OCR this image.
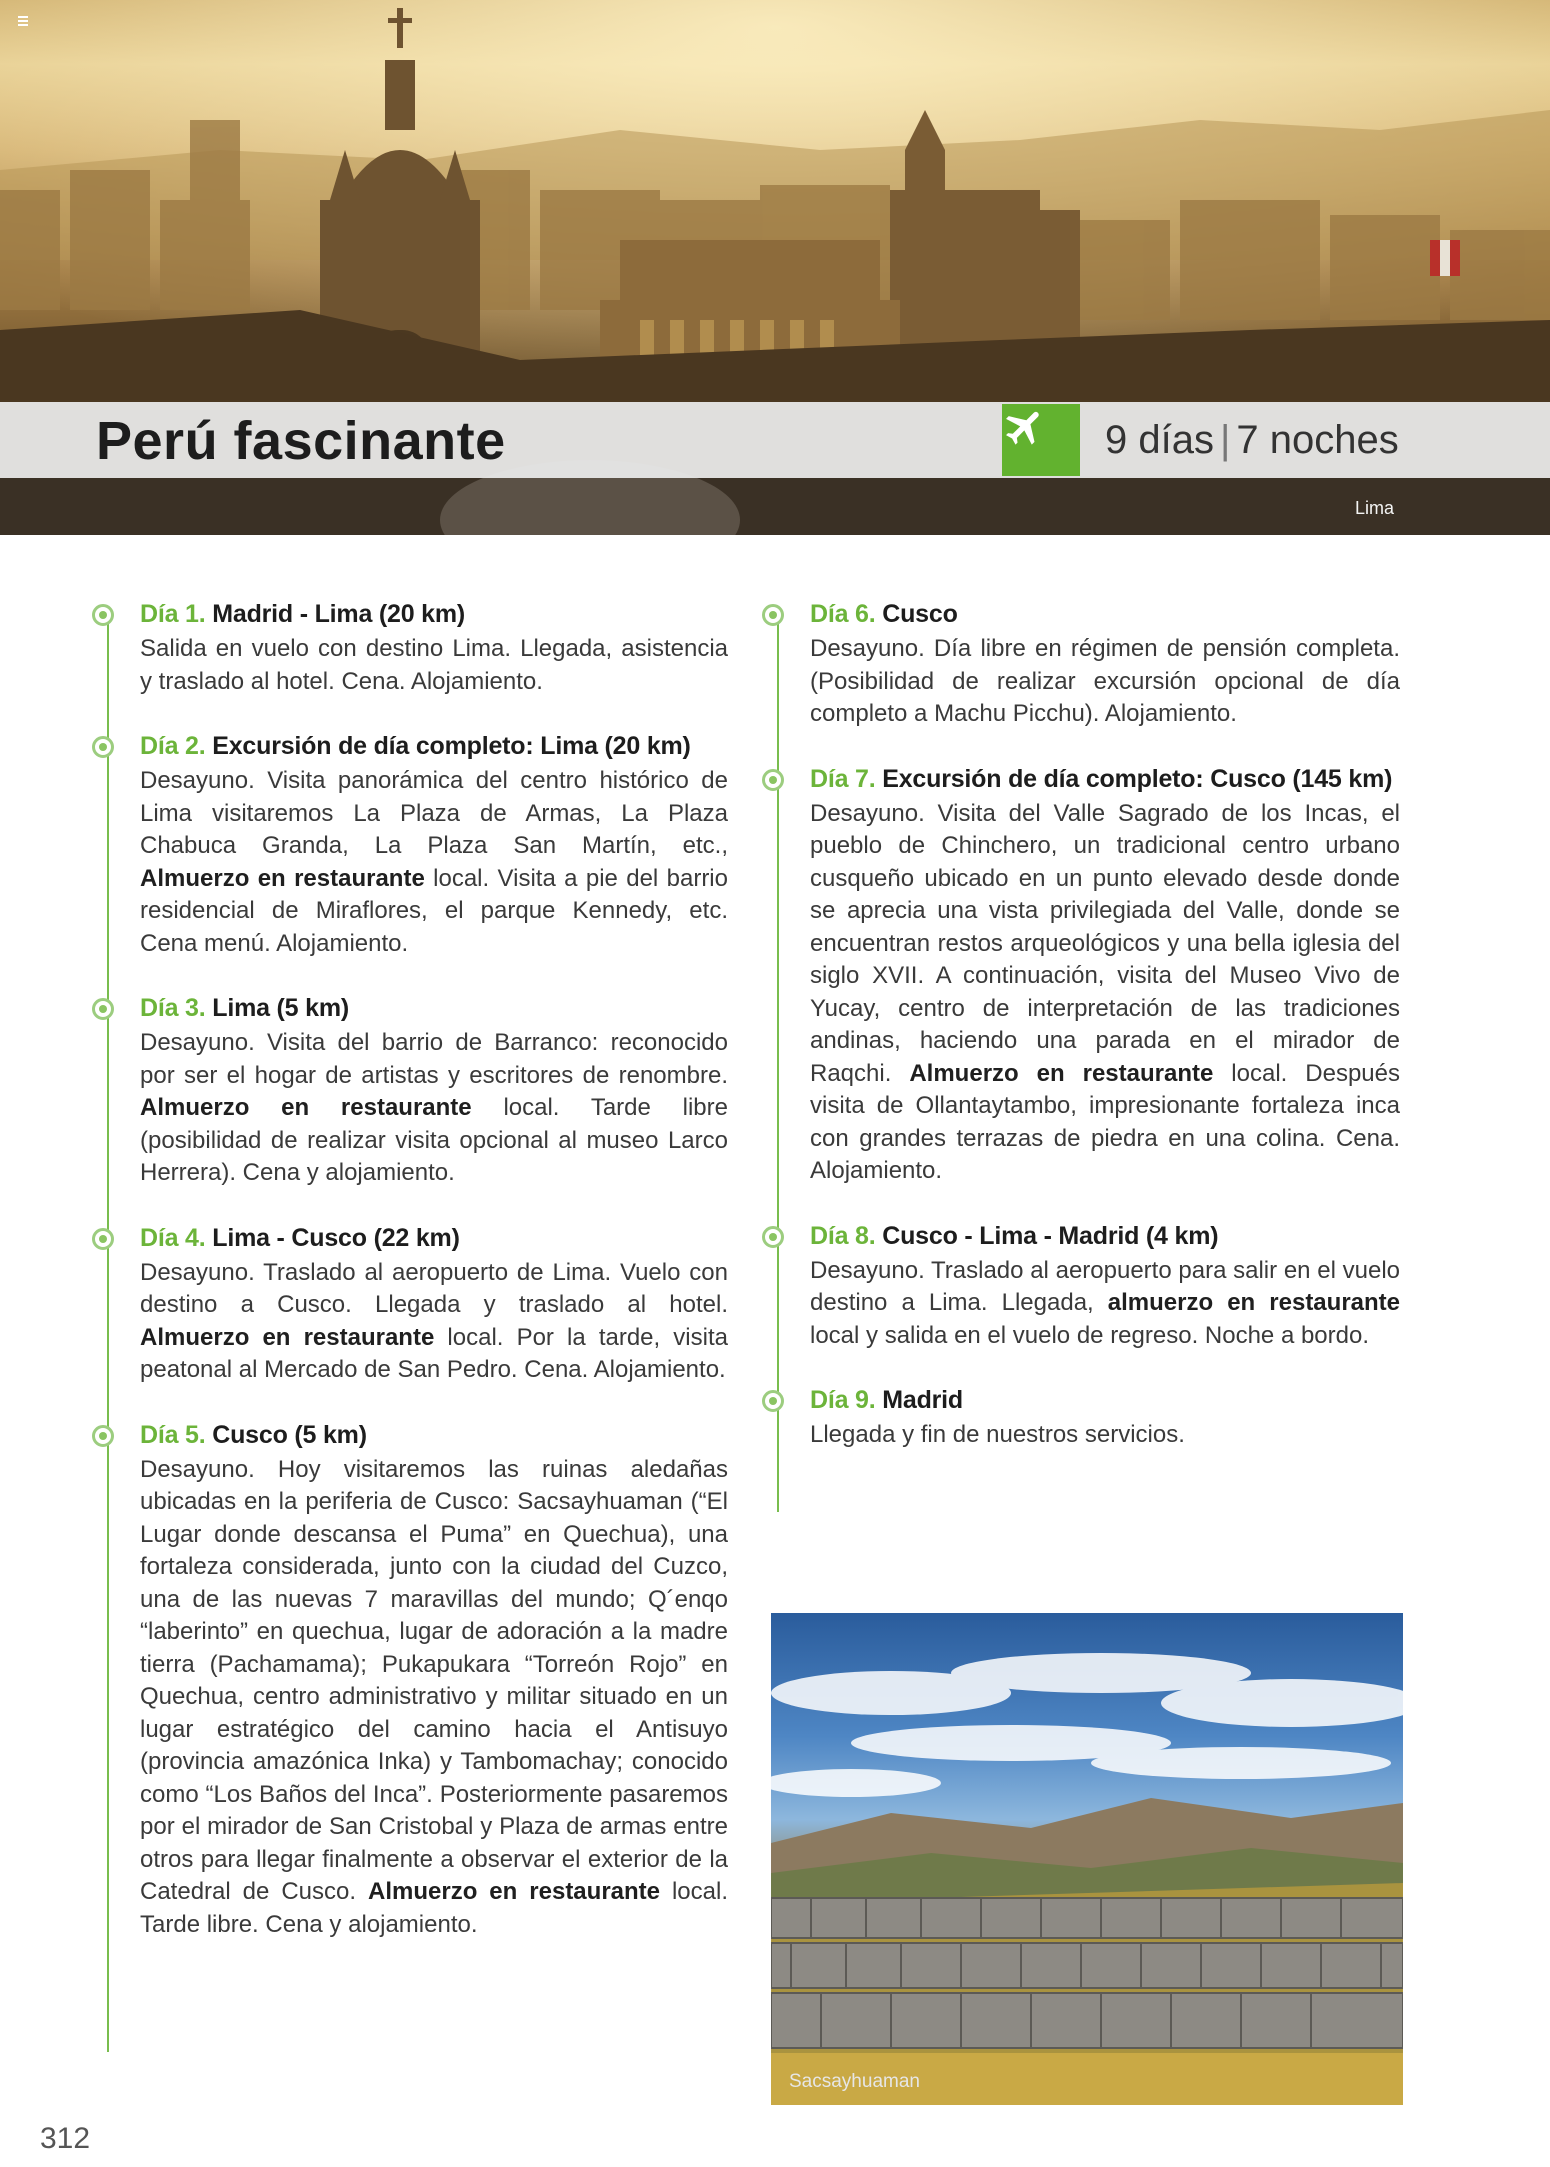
Perú fascinante	9 días | 7 noches
Lima
Día 1. Madrid - Lima (20 km)

Salida en vuelo con destino Lima. Llegada, asistencia y traslado al hotel. Cena. Alojamiento.

Día 2. Excursión de día completo: Lima (20 km)

Desayuno. Visita panorámica del centro histórico de Lima visitaremos La Plaza de Armas, La Plaza Chabuca Granda, La Plaza San Martín, etc., Almuerzo en restaurante local. Visita a pie del barrio residencial de Miraflores, el parque Kennedy, etc. Cena menú. Alojamiento.

Día 3. Lima (5 km)

Desayuno. Visita del barrio de Barranco: reconocido por ser el hogar de artistas y escritores de renombre. Almuerzo en restaurante local. Tarde libre (posibilidad de realizar visita opcional al museo Larco Herrera). Cena y alojamiento.

Día 4. Lima - Cusco (22 km)

Desayuno. Traslado al aeropuerto de Lima. Vuelo con destino a Cusco. Llegada y traslado al hotel. Almuerzo en restaurante local. Por la tarde, visita peatonal al Mercado de San Pedro. Cena. Alojamiento.

Día 5. Cusco (5 km)

Desayuno. Hoy visitaremos las ruinas aledañas ubicadas en la periferia de Cusco: Sacsayhuaman (“El Lugar donde descansa el Puma” en Quechua), una fortaleza considerada, junto con la ciudad del Cuzco, una de las nuevas 7 maravillas del mundo; Q´enqo “laberinto” en quechua, lugar de adoración a la madre tierra (Pachamama); Pukapukara “Torreón Rojo” en Quechua, centro administrativo y militar situado en un lugar estratégico del camino hacia el Antisuyo (provincia amazónica Inka) y Tambomachay; conocido como “Los Baños del Inca”. Posteriormente pasaremos por el mirador de San Cristobal y Plaza de armas entre otros para llegar finalmente a observar el exterior de la Catedral de Cusco. Almuerzo en restaurante local. Tarde libre. Cena y alojamiento.

Día 6. Cusco

Desayuno. Día libre en régimen de pensión completa. (Posibilidad de realizar excursión opcional de día completo a Machu Picchu). Alojamiento.

Día 7. Excursión de día completo: Cusco (145 km)

Desayuno. Visita del Valle Sagrado de los Incas, el pueblo de Chinchero, un tradicional centro urbano cusqueño ubicado en un punto elevado desde donde se aprecia una vista privilegiada del Valle, donde se encuentran restos arqueológicos y una bella iglesia del siglo XVII. A continuación, visita del Museo Vivo de Yucay, centro de interpretación de las tradiciones andinas, haciendo una parada en el mirador de Raqchi. Almuerzo en restaurante local. Después visita de Ollantaytambo, impresionante fortaleza inca con grandes terrazas de piedra en una colina. Cena. Alojamiento.

Día 8. Cusco - Lima - Madrid (4 km)

Desayuno. Traslado al aeropuerto para salir en el vuelo destino a Lima. Llegada, almuerzo en restaurante local y salida en el vuelo de regreso. Noche a bordo.

Día 9. Madrid

Llegada y fin de nuestros servicios.

Sacsayhuaman
312
